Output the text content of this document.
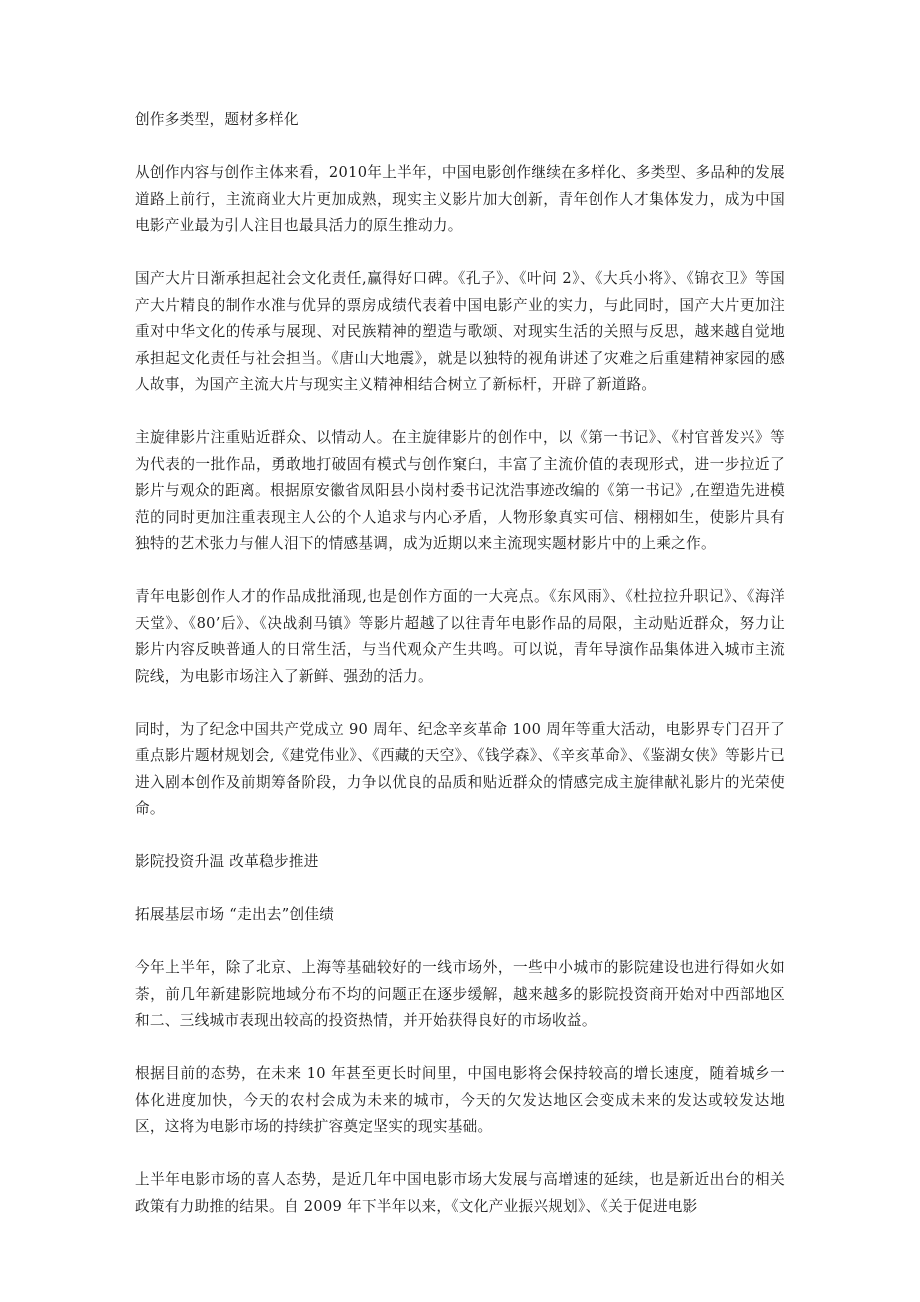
创作多类型，题材多样化

从创作内容与创作主体来看，2010年上半年，中国电影创作继续在多样化、多类型、多品种的发展道路上前行，主流商业大片更加成熟，现实主义影片加大创新，青年创作人才集体发力，成为中国电影产业最为引人注目也最具活力的原生推动力。

国产大片日渐承担起社会文化责任,赢得好口碑。《孔子》、《叶问 2》、《大兵小将》、《锦衣卫》等国产大片精良的制作水准与优异的票房成绩代表着中国电影产业的实力，与此同时，国产大片更加注重对中华文化的传承与展现、对民族精神的塑造与歌颂、对现实生活的关照与反思，越来越自觉地承担起文化责任与社会担当。《唐山大地震》，就是以独特的视角讲述了灾难之后重建精神家园的感人故事，为国产主流大片与现实主义精神相结合树立了新标杆，开辟了新道路。

主旋律影片注重贴近群众、以情动人。在主旋律影片的创作中，以《第一书记》、《村官普发兴》等为代表的一批作品，勇敢地打破固有模式与创作窠臼，丰富了主流价值的表现形式，进一步拉近了影片与观众的距离。根据原安徽省凤阳县小岗村委书记沈浩事迹改编的《第一书记》,在塑造先进模范的同时更加注重表现主人公的个人追求与内心矛盾，人物形象真实可信、栩栩如生，使影片具有独特的艺术张力与催人泪下的情感基调，成为近期以来主流现实题材影片中的上乘之作。

青年电影创作人才的作品成批涌现,也是创作方面的一大亮点。《东风雨》、《杜拉拉升职记》、《海洋天堂》、《80’后》、《决战刹马镇》等影片超越了以往青年电影作品的局限，主动贴近群众，努力让影片内容反映普通人的日常生活，与当代观众产生共鸣。可以说，青年导演作品集体进入城市主流院线，为电影市场注入了新鲜、强劲的活力。

同时，为了纪念中国共产党成立 90 周年、纪念辛亥革命 100 周年等重大活动，电影界专门召开了重点影片题材规划会,《建党伟业》、《西藏的天空》、《钱学森》、《辛亥革命》、《鉴湖女侠》等影片已进入剧本创作及前期筹备阶段，力争以优良的品质和贴近群众的情感完成主旋律献礼影片的光荣使命。

影院投资升温 改革稳步推进

拓展基层市场 “走出去”创佳绩

今年上半年，除了北京、上海等基础较好的一线市场外，一些中小城市的影院建设也进行得如火如荼，前几年新建影院地域分布不均的问题正在逐步缓解，越来越多的影院投资商开始对中西部地区和二、三线城市表现出较高的投资热情，并开始获得良好的市场收益。

根据目前的态势，在未来 10 年甚至更长时间里，中国电影将会保持较高的增长速度，随着城乡一体化进度加快，今天的农村会成为未来的城市，今天的欠发达地区会变成未来的发达或较发达地区，这将为电影市场的持续扩容奠定坚实的现实基础。

上半年电影市场的喜人态势，是近几年中国电影市场大发展与高增速的延续，也是新近出台的相关政策有力助推的结果。自 2009 年下半年以来，《文化产业振兴规划》、《关于促进电影
